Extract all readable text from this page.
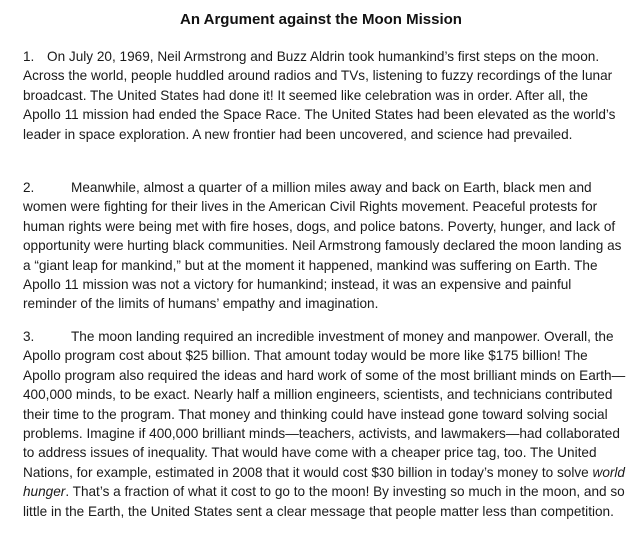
An Argument against the Moon Mission
1. On July 20, 1969, Neil Armstrong and Buzz Aldrin took humankind’s first steps on the moon. Across the world, people huddled around radios and TVs, listening to fuzzy recordings of the lunar broadcast. The United States had done it! It seemed like celebration was in order. After all, the Apollo 11 mission had ended the Space Race. The United States had been elevated as the world’s leader in space exploration. A new frontier had been uncovered, and science had prevailed.
2.	Meanwhile, almost a quarter of a million miles away and back on Earth, black men and women were fighting for their lives in the American Civil Rights movement. Peaceful protests for human rights were being met with fire hoses, dogs, and police batons. Poverty, hunger, and lack of opportunity were hurting black communities. Neil Armstrong famously declared the moon landing as a “giant leap for mankind,” but at the moment it happened, mankind was suffering on Earth. The Apollo 11 mission was not a victory for humankind; instead, it was an expensive and painful reminder of the limits of humans’ empathy and imagination.
3.	The moon landing required an incredible investment of money and manpower. Overall, the Apollo program cost about $25 billion. That amount today would be more like $175 billion! The Apollo program also required the ideas and hard work of some of the most brilliant minds on Earth—400,000 minds, to be exact. Nearly half a million engineers, scientists, and technicians contributed their time to the program. That money and thinking could have instead gone toward solving social problems. Imagine if 400,000 brilliant minds—teachers, activists, and lawmakers—had collaborated to address issues of inequality. That would have come with a cheaper price tag, too. The United Nations, for example, estimated in 2008 that it would cost $30 billion in today’s money to solve world hunger. That’s a fraction of what it cost to go to the moon! By investing so much in the moon, and so little in the Earth, the United States sent a clear message that people matter less than competition.
